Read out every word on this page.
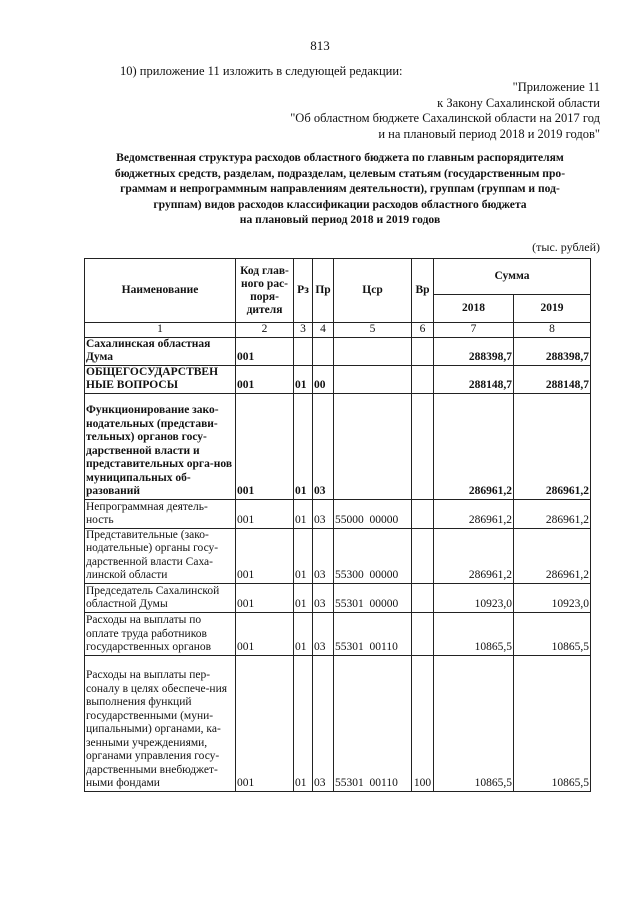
813
10) приложение 11 изложить в следующей редакции:
"Приложение 11
к Закону Сахалинской области
"Об областном бюджете Сахалинской области на 2017 год
и на плановый период 2018 и 2019 годов"
Ведомственная структура расходов областного бюджета по главным распорядителям
бюджетных средств, разделам, подразделам, целевым статьям (государственным про-
граммам и непрограммным направлениям деятельности), группам (группам и под-
группам) видов расходов классификации расходов областного бюджета
на плановый период 2018 и 2019 годов
(тыс. рублей)
Наименование	Код глав-ного рас-поря-дителя	Рз	Пр	Цср	Вр	Сумма	
						2018	2019
1	2	3	4	5	6	7	8
Сахалинская областная Дума	001					288398,7	288398,7
ОБЩЕГОСУДАРСТВЕН НЫЕ ВОПРОСЫ	001	01	00			288148,7	288148,7
Функционирование зако-нодательных (представи-тельных) органов госу-дарственной власти и представительных орга-нов муниципальных об-разований	001	01	03			286961,2	286961,2
Непрограммная деятель-ность	001	01	03	55000  00000		286961,2	286961,2
Представительные (зако-нодательные) органы госу-дарственной власти Саха-линской области	001	01	03	55300  00000		286961,2	286961,2
Председатель Сахалинской областной Думы	001	01	03	55301  00000		10923,0	10923,0
Расходы на выплаты по оплате труда работников государственных органов	001	01	03	55301  00110		10865,5	10865,5
Расходы на выплаты пер-соналу в целях обеспече-ния выполнения функций государственными (муни-ципальными) органами, ка-зенными учреждениями, органами управления госу-дарственными внебюджет-ными фондами	001	01	03	55301  00110	100	10865,5	10865,5
